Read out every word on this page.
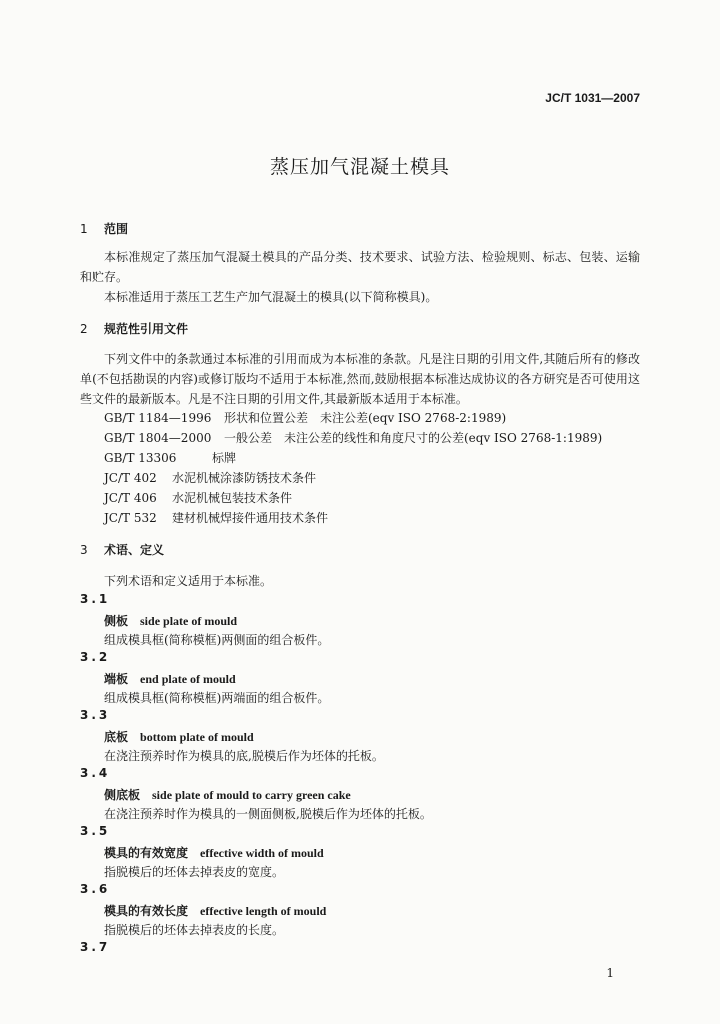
JC/T 1031—2007
蒸压加气混凝土模具
1 范围
本标准规定了蒸压加气混凝土模具的产品分类、技术要求、试验方法、检验规则、标志、包装、运输和贮存。
本标准适用于蒸压工艺生产加气混凝土的模具(以下简称模具)。
2 规范性引用文件
下列文件中的条款通过本标准的引用而成为本标准的条款。凡是注日期的引用文件,其随后所有的修改单(不包括勘误的内容)或修订版均不适用于本标准,然而,鼓励根据本标准达成协议的各方研究是否可使用这些文件的最新版本。凡是不注日期的引用文件,其最新版本适用于本标准。
GB/T 1184—1996 形状和位置公差　未注公差(eqv ISO 2768-2:1989)
GB/T 1804—2000 一般公差　未注公差的线性和角度尺寸的公差(eqv ISO 2768-1:1989)
GB/T 13306	标牌
JC/T 402 水泥机械涂漆防锈技术条件
JC/T 406 水泥机械包装技术条件
JC/T 532 建材机械焊接件通用技术条件
3 术语、定义
下列术语和定义适用于本标准。
3.1
侧板 side plate of mould
组成模具框(简称模框)两侧面的组合板件。
3.2
端板 end plate of mould
组成模具框(简称模框)两端面的组合板件。
3.3
底板 bottom plate of mould
在浇注预养时作为模具的底,脱模后作为坯体的托板。
3.4
侧底板 side plate of mould to carry green cake
在浇注预养时作为模具的一侧面侧板,脱模后作为坯体的托板。
3.5
模具的有效宽度 effective width of mould
指脱模后的坯体去掉表皮的宽度。
3.6
模具的有效长度 effective length of mould
指脱模后的坯体去掉表皮的长度。
3.7
1
